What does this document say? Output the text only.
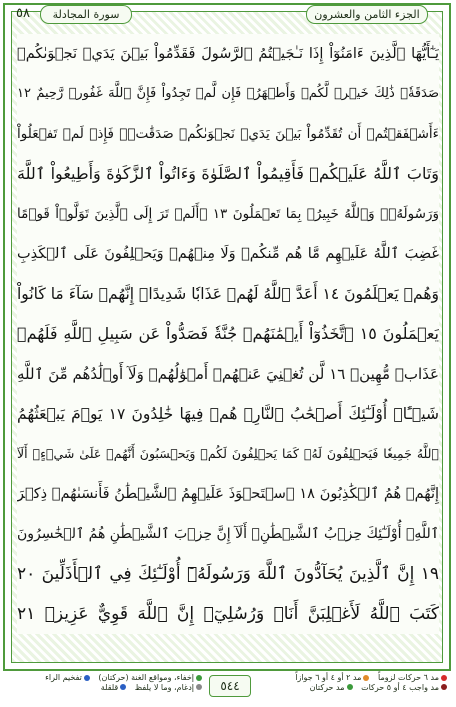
٥٨	سورة المجادلة	الجزء الثامن والعشرون
يَـٰٓأَيُّهَا ٱلَّذِينَ ءَامَنُوٓاْ إِذَا نَـٰجَيۡتُمُ ٱلرَّسُولَ فَقَدِّمُواْ بَيۡنَ يَدَيۡ نَجۡوَىٰكُمۡ
صَدَقَةٗۚ ذَٰلِكَ خَيۡرٞ لَّكُمۡ وَأَطۡهَرُۚ فَإِن لَّمۡ تَجِدُواْ فَإِنَّ ٱللَّهَ غَفُورٞ رَّحِيمٌ ١٢
ءَأَشۡفَقۡتُمۡ أَن تُقَدِّمُواْ بَيۡنَ يَدَيۡ نَجۡوَىٰكُمۡ صَدَقَٰتٖۚ فَإِذۡ لَمۡ تَفۡعَلُواْ
وَتَابَ ٱللَّهُ عَلَيۡكُمۡ فَأَقِيمُواْ ٱلصَّلَوٰةَ وَءَاتُواْ ٱلزَّكَوٰةَ وَأَطِيعُواْ ٱللَّهَ
وَرَسُولَهُۥۚ وَٱللَّهُ خَبِيرُۢ بِمَا تَعۡمَلُونَ ١٣ ۞أَلَمۡ تَرَ إِلَى ٱلَّذِينَ تَوَلَّوۡاْ قَوۡمًا
غَضِبَ ٱللَّهُ عَلَيۡهِم مَّا هُم مِّنكُمۡ وَلَا مِنۡهُمۡ وَيَحۡلِفُونَ عَلَى ٱلۡكَذِبِ
وَهُمۡ يَعۡلَمُونَ ١٤ أَعَدَّ ٱللَّهُ لَهُمۡ عَذَابٗا شَدِيدًاۖ إِنَّهُمۡ سَآءَ مَا كَانُواْ
يَعۡمَلُونَ ١٥ ٱتَّخَذُوٓاْ أَيۡمَٰنَهُمۡ جُنَّةٗ فَصَدُّواْ عَن سَبِيلِ ٱللَّهِ فَلَهُمۡ
عَذَابٞ مُّهِينٞ ١٦ لَّن تُغۡنِيَ عَنۡهُمۡ أَمۡوَٰلُهُمۡ وَلَآ أَوۡلَٰدُهُم مِّنَ ٱللَّهِ
شَيۡـًٔاۚ أُوْلَـٰٓئِكَ أَصۡحَٰبُ ٱلنَّارِۖ هُمۡ فِيهَا خَٰلِدُونَ ١٧ يَوۡمَ يَبۡعَثُهُمُ
ٱللَّهُ جَمِيعٗا فَيَحۡلِفُونَ لَهُۥ كَمَا يَحۡلِفُونَ لَكُمۡ وَيَحۡسَبُونَ أَنَّهُمۡ عَلَىٰ شَيۡءٍۚ أَلَآ
إِنَّهُمۡ هُمُ ٱلۡكَٰذِبُونَ ١٨ ٱسۡتَحۡوَذَ عَلَيۡهِمُ ٱلشَّيۡطَٰنُ فَأَنسَىٰهُمۡ ذِكۡرَ
ٱللَّهِۚ أُوْلَـٰٓئِكَ حِزۡبُ ٱلشَّيۡطَٰنِۚ أَلَآ إِنَّ حِزۡبَ ٱلشَّيۡطَٰنِ هُمُ ٱلۡخَٰسِرُونَ
١٩ إِنَّ ٱلَّذِينَ يُحَآدُّونَ ٱللَّهَ وَرَسُولَهُۥٓ أُوْلَـٰٓئِكَ فِي ٱلۡأَذَلِّينَ ٢٠
كَتَبَ ٱللَّهُ لَأَغۡلِبَنَّ أَنَا۠ وَرُسُلِيٓۚ إِنَّ ٱللَّهَ قَوِيٌّ عَزِيزٞ ٢١
إخفاء، ومواقع الغنة (حركتان)

تفخيم الراء

إدغام، وما لا يلفظ

قلقلة	٥٤٤
مد ٦ حركات لزوماً

مد ٢ أو ٤ أو ٦ جوازاً

مد واجب ٤ أو ٥ حركات

مد حركتان
